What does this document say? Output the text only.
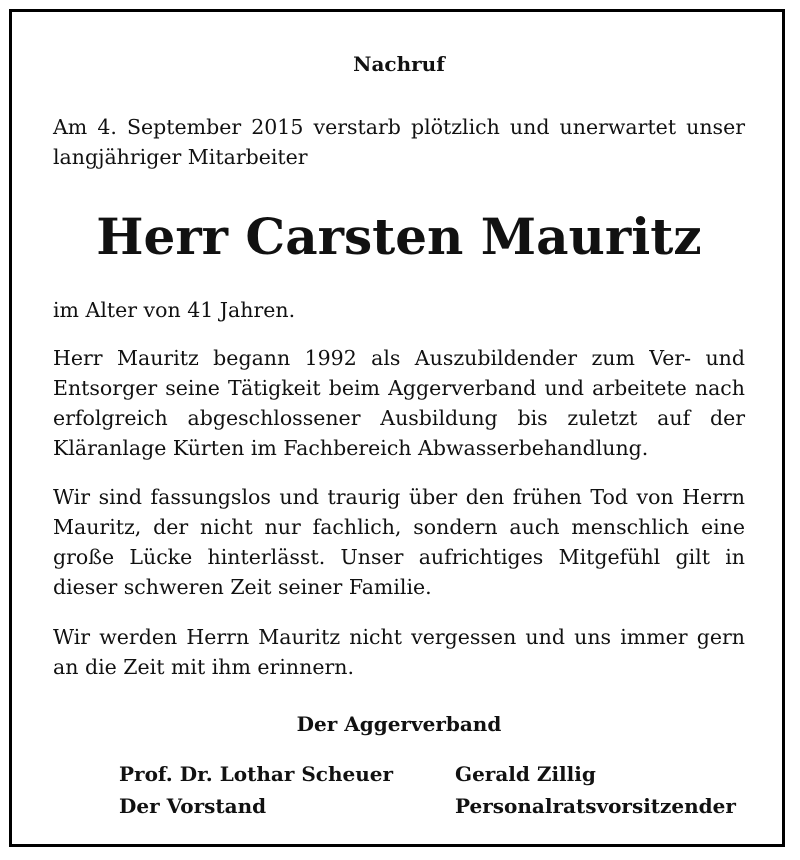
Nachruf
Am 4. September 2015 verstarb plötzlich und unerwartet unser langjähriger Mitarbeiter
Herr Carsten Mauritz
im Alter von 41 Jahren.
Herr Mauritz begann 1992 als Auszubildender zum Ver- und Entsorger seine Tätigkeit beim Aggerverband und arbeitete nach erfolgreich abgeschlossener Ausbildung bis zuletzt auf der Kläranlage Kürten im Fachbereich Abwasserbehandlung.
Wir sind fassungslos und traurig über den frühen Tod von Herrn Mauritz, der nicht nur fachlich, sondern auch menschlich eine große Lücke hinterlässt. Unser aufrichtiges Mitgefühl gilt in dieser schweren Zeit seiner Familie.
Wir werden Herrn Mauritz nicht vergessen und uns immer gern an die Zeit mit ihm erinnern.
Der Aggerverband
Prof. Dr. Lothar Scheuer
Der Vorstand
Gerald Zillig
Personalratsvorsitzender
